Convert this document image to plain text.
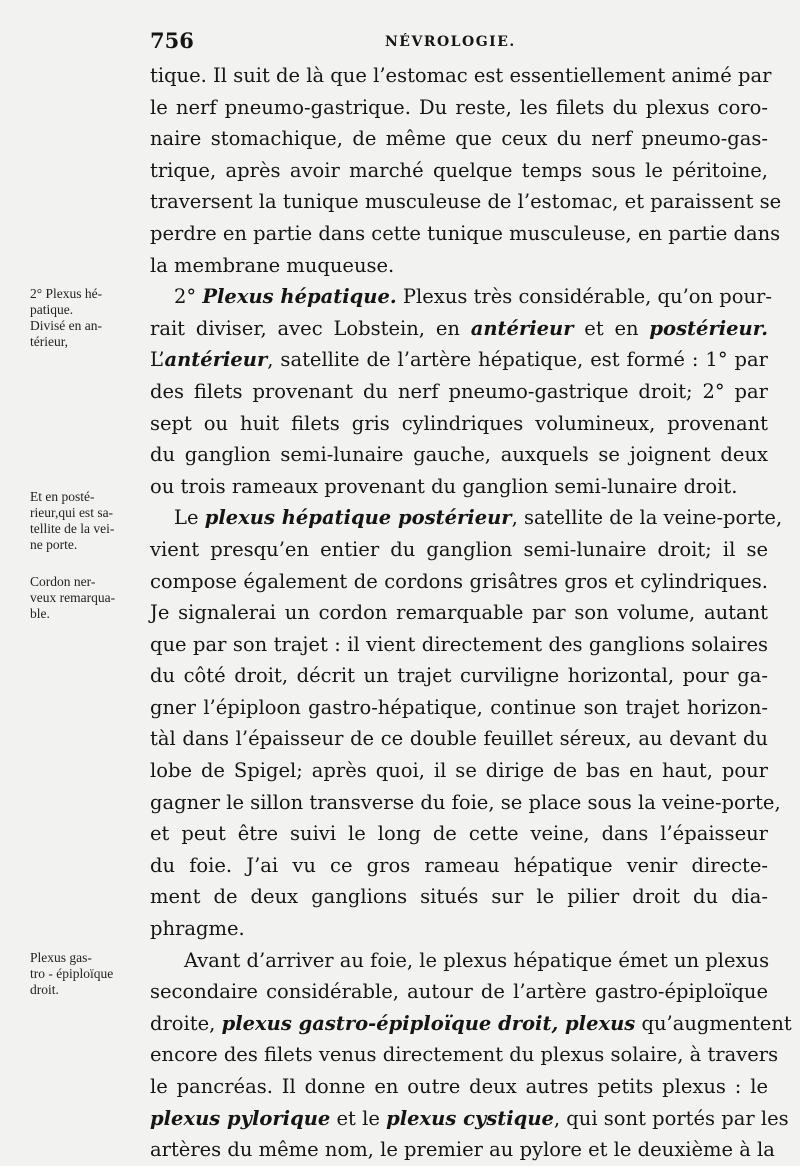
756	NÉVROLOGIE.
2° Plexus hé-
patique.
Divisé en an-
térieur,
Et en posté-
rieur,qui est sa-
tellite de la vei-
ne porte.
Cordon ner-
veux remarqua-
ble.
Plexus gas-
tro - épiploïque
droit.
tique. Il suit de là que l’estomac est essentiellement animé par
le nerf pneumo-gastrique. Du reste, les filets du plexus coro-
naire stomachique, de même que ceux du nerf pneumo-gas-
trique, après avoir marché quelque temps sous le péritoine,
traversent la tunique musculeuse de l’estomac, et paraissent se
perdre en partie dans cette tunique musculeuse, en partie dans
la membrane muqueuse.
2° Plexus hépatique. Plexus très considérable, qu’on pour-
rait diviser, avec Lobstein, en antérieur et en postérieur.
L’antérieur, satellite de l’artère hépatique, est formé : 1° par
des filets provenant du nerf pneumo-gastrique droit; 2° par
sept ou huit filets gris cylindriques volumineux, provenant
du ganglion semi-lunaire gauche, auxquels se joignent deux
ou trois rameaux provenant du ganglion semi-lunaire droit.
Le plexus hépatique postérieur, satellite de la veine-porte,
vient presqu’en entier du ganglion semi-lunaire droit; il se
compose également de cordons grisâtres gros et cylindriques.
Je signalerai un cordon remarquable par son volume, autant
que par son trajet : il vient directement des ganglions solaires
du côté droit, décrit un trajet curviligne horizontal, pour ga-
gner l’épiploon gastro-hépatique, continue son trajet horizon-
tàl dans l’épaisseur de ce double feuillet séreux, au devant du
lobe de Spigel; après quoi, il se dirige de bas en haut, pour
gagner le sillon transverse du foie, se place sous la veine-porte,
et peut être suivi le long de cette veine, dans l’épaisseur
du foie. J’ai vu ce gros rameau hépatique venir directe-
ment de deux ganglions situés sur le pilier droit du dia-
phragme.
Avant d’arriver au foie, le plexus hépatique émet un plexus
secondaire considérable, autour de l’artère gastro-épiploïque
droite, plexus gastro-épiploïque droit, plexus qu’augmentent
encore des filets venus directement du plexus solaire, à travers
le pancréas. Il donne en outre deux autres petits plexus : le
plexus pylorique et le plexus cystique, qui sont portés par les
artères du même nom, le premier au pylore et le deuxième à la
